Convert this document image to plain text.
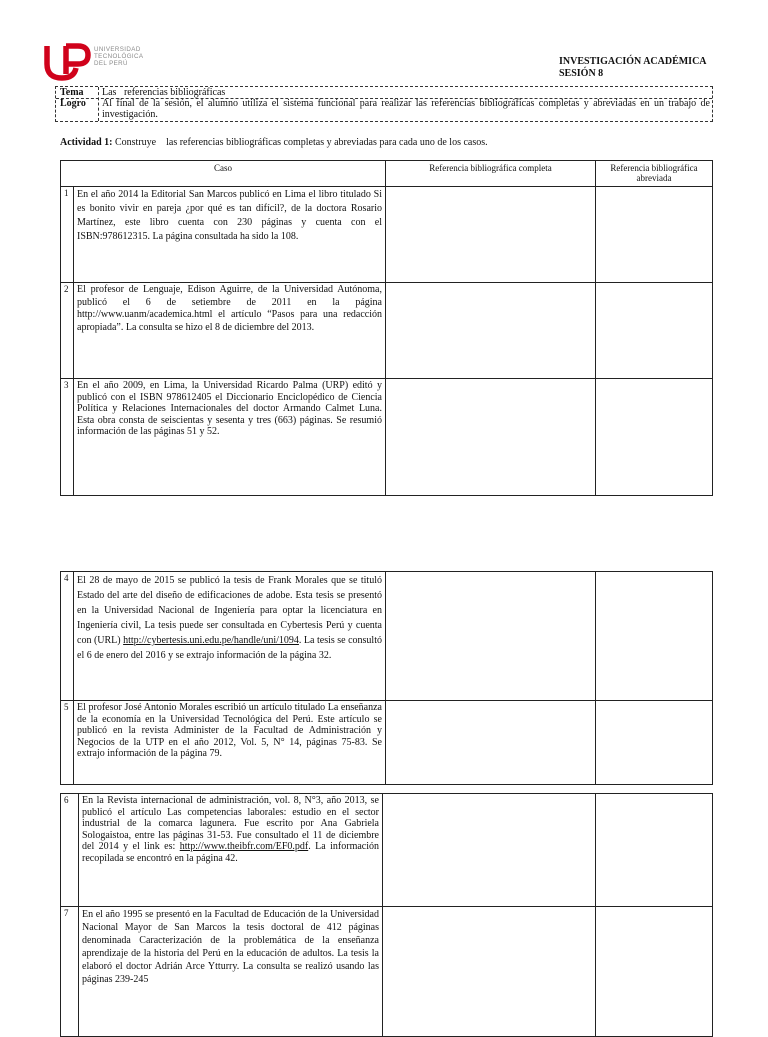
UNIVERSIDAD
TECNOLÓGICA
DEL PERÚ	INVESTIGACIÓN ACADÉMICA
SESIÓN 8
Tema Las   referencias bibliográficas
Logro Al final de la sesión, el alumno utiliza el sistema funcional para realizar las referencias bibliográficas completas y abreviadas en un trabajo de investigación.
Actividad 1: Construye    las referencias bibliográficas completas y abreviadas para cada uno de los casos.
Caso		Referencia bibliográfica completa	Referencia bibliográfica abreviada
1	En el año 2014 la Editorial San Marcos publicó en Lima el libro titulado Si es bonito vivir en pareja ¿por qué es tan difícil?, de la doctora Rosario Martínez, este libro cuenta con 230 páginas y cuenta con el ISBN:978612315. La página consultada ha sido la 108.		
2	El profesor de Lenguaje, Edison Aguirre, de la Universidad Autónoma, publicó el 6 de setiembre de 2011 en la página http://www.uanm/academica.html el artículo “Pasos para una redacción apropiada”. La consulta se hizo el 8 de diciembre del 2013.		
3	En el año 2009, en Lima, la Universidad Ricardo Palma (URP) editó y publicó con el ISBN 978612405 el Diccionario Enciclopédico de Ciencia Política y Relaciones Internacionales del doctor Armando Calmet Luna. Esta obra consta de seiscientas y sesenta y tres (663) páginas. Se resumió información de las páginas 51 y 52.		
4	El 28 de mayo de 2015 se publicó la tesis de Frank Morales que se tituló Estado del arte del diseño de edificaciones de adobe. Esta tesis se presentó en la Universidad Nacional de Ingeniería para optar la licenciatura en Ingeniería civil, La tesis puede ser consultada en Cybertesis Perú y cuenta con (URL) http://cybertesis.uni.edu.pe/handle/uni/1094. La tesis se consultó el 6 de enero del 2016 y se extrajo información de la página 32.		

5	El profesor José Antonio Morales escribió un artículo titulado La enseñanza de la economía en la Universidad Tecnológica del Perú. Este artículo se publicó en la revista Administer de la Facultad de Administración y Negocios de la UTP en el año 2012, Vol. 5, N° 14, páginas 75-83. Se extrajo información de la página 79.		
6	En la Revista internacional de administración, vol. 8, N°3, año 2013, se publicó el artículo Las competencias laborales: estudio en el sector industrial de la comarca lagunera. Fue escrito por Ana Gabriela Sologaistoa, entre las páginas 31-53. Fue consultado el 11 de diciembre del 2014 y el link es: http://www.theibfr.com/EF0.pdf. La información recopilada se encontró en la página 42.		
7	En el año 1995 se presentó en la Facultad de Educación de la Universidad Nacional Mayor de San Marcos la tesis doctoral de 412 páginas denominada Caracterización de la problemática de la enseñanza aprendizaje de la historia del Perú en la educación de adultos. La tesis la elaboró el doctor Adrián Arce Ytturry. La consulta se realizó usando las páginas 239-245		
